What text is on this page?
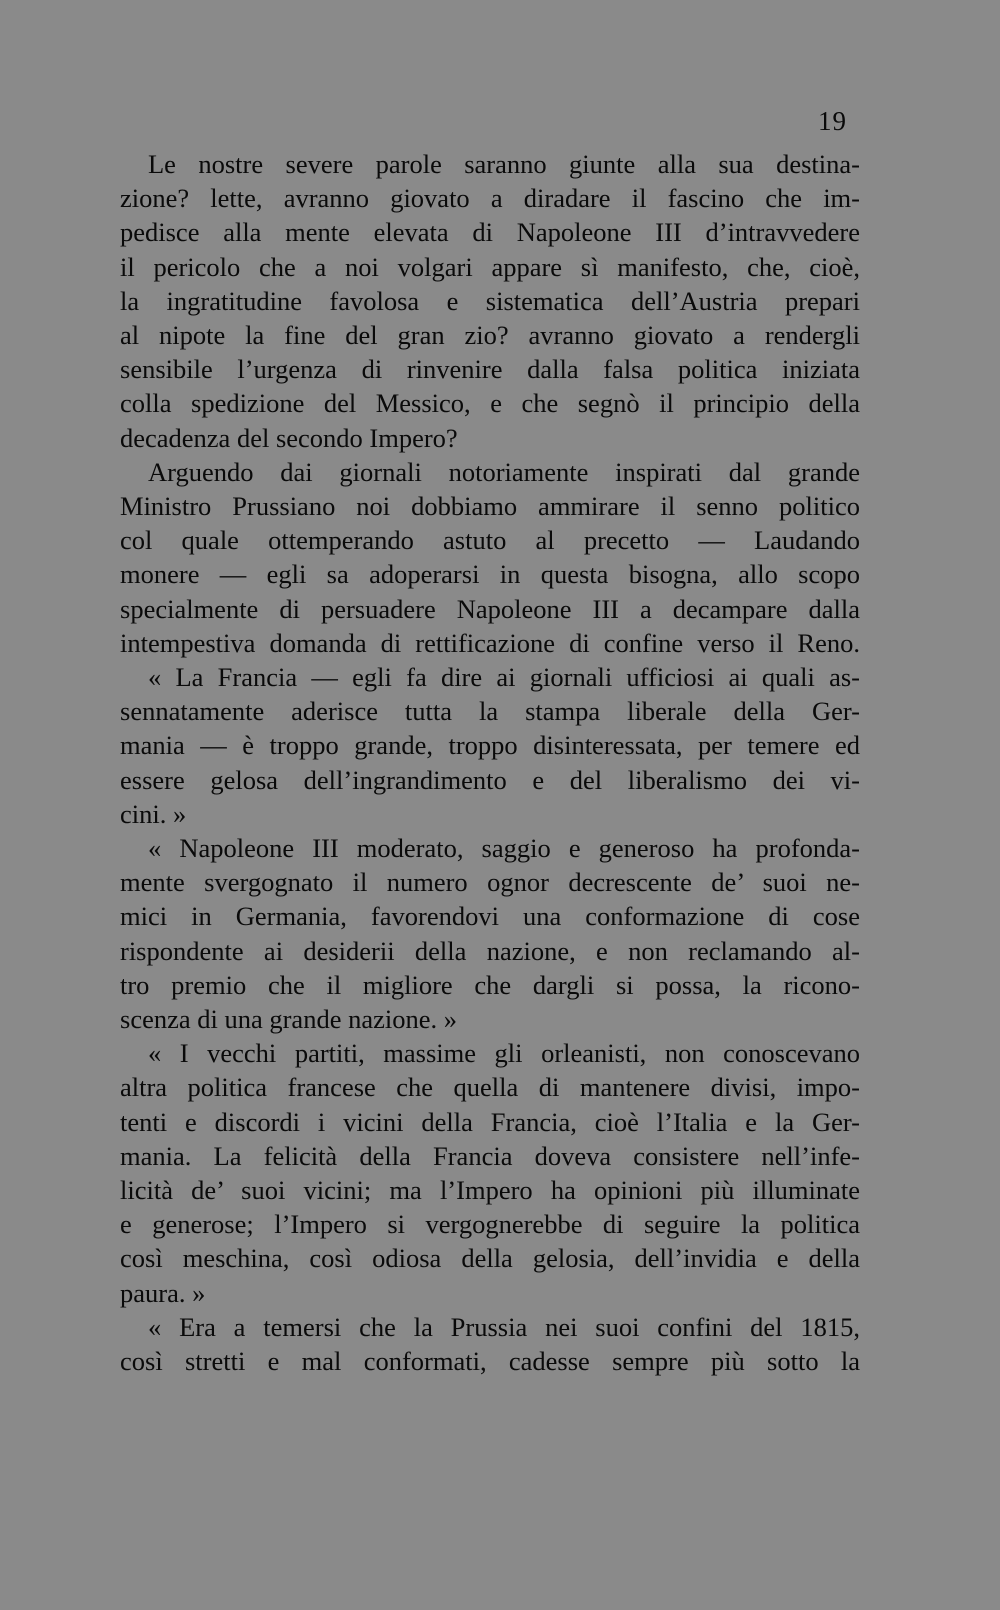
19
Le nostre severe parole saranno giunte alla sua destina-
zione? lette, avranno giovato a diradare il fascino che im-
pedisce alla mente elevata di Napoleone III d’intravvedere
il pericolo che a noi volgari appare sì manifesto, che, cioè,
la ingratitudine favolosa e sistematica dell’Austria prepari
al nipote la fine del gran zio? avranno giovato a rendergli
sensibile l’urgenza di rinvenire dalla falsa politica iniziata
colla spedizione del Messico, e che segnò il principio della
decadenza del secondo Impero?
Arguendo dai giornali notoriamente inspirati dal grande
Ministro Prussiano noi dobbiamo ammirare il senno politico
col quale ottemperando astuto al precetto — Laudando
monere — egli sa adoperarsi in questa bisogna, allo scopo
specialmente di persuadere Napoleone III a decampare dalla
intempestiva domanda di rettificazione di confine verso il Reno.
« La Francia — egli fa dire ai giornali ufficiosi ai quali as-
sennatamente aderisce tutta la stampa liberale della Ger-
mania — è troppo grande, troppo disinteressata, per temere ed
essere gelosa dell’ingrandimento e del liberalismo dei vi-
cini. »
« Napoleone III moderato, saggio e generoso ha profonda-
mente svergognato il numero ognor decrescente de’ suoi ne-
mici in Germania, favorendovi una conformazione di cose
rispondente ai desiderii della nazione, e non reclamando al-
tro premio che il migliore che dargli si possa, la ricono-
scenza di una grande nazione. »
« I vecchi partiti, massime gli orleanisti, non conoscevano
altra politica francese che quella di mantenere divisi, impo-
tenti e discordi i vicini della Francia, cioè l’Italia e la Ger-
mania. La felicità della Francia doveva consistere nell’infe-
licità de’ suoi vicini; ma l’Impero ha opinioni più illuminate
e generose; l’Impero si vergognerebbe di seguire la politica
così meschina, così odiosa della gelosia, dell’invidia e della
paura. »
« Era a temersi che la Prussia nei suoi confini del 1815,
così stretti e mal conformati, cadesse sempre più sotto la
